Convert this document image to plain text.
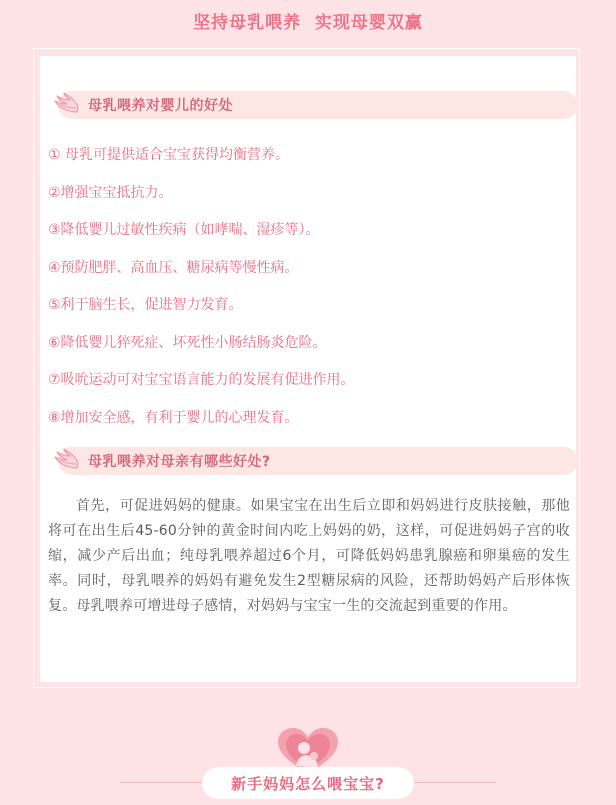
坚持母乳喂养  实现母婴双赢
母乳喂养对婴儿的好处
① 母乳可提供适合宝宝获得均衡营养。
②增强宝宝抵抗力。
③降低婴儿过敏性疾病（如哮喘、湿疹等）。
④预防肥胖、高血压、糖尿病等慢性病。
⑤利于脑生长，促进智力发育。
⑥降低婴儿猝死症、坏死性小肠结肠炎危险。
⑦吸吮运动可对宝宝语言能力的发展有促进作用。
⑧增加安全感，有利于婴儿的心理发育。
母乳喂养对母亲有哪些好处?

首先，可促进妈妈的健康。如果宝宝在出生后立即和妈妈进行皮肤接触，那他将可在出生后45-60分钟的黄金时间内吃上妈妈的奶，这样，可促进妈妈子宫的收缩，减少产后出血；纯母乳喂养超过6个月，可降低妈妈患乳腺癌和卵巢癌的发生率。同时，母乳喂养的妈妈有避免发生2型糖尿病的风险，还帮助妈妈产后形体恢复。母乳喂养可增进母子感情，对妈妈与宝宝一生的交流起到重要的作用。

新手妈妈怎么喂宝宝?
